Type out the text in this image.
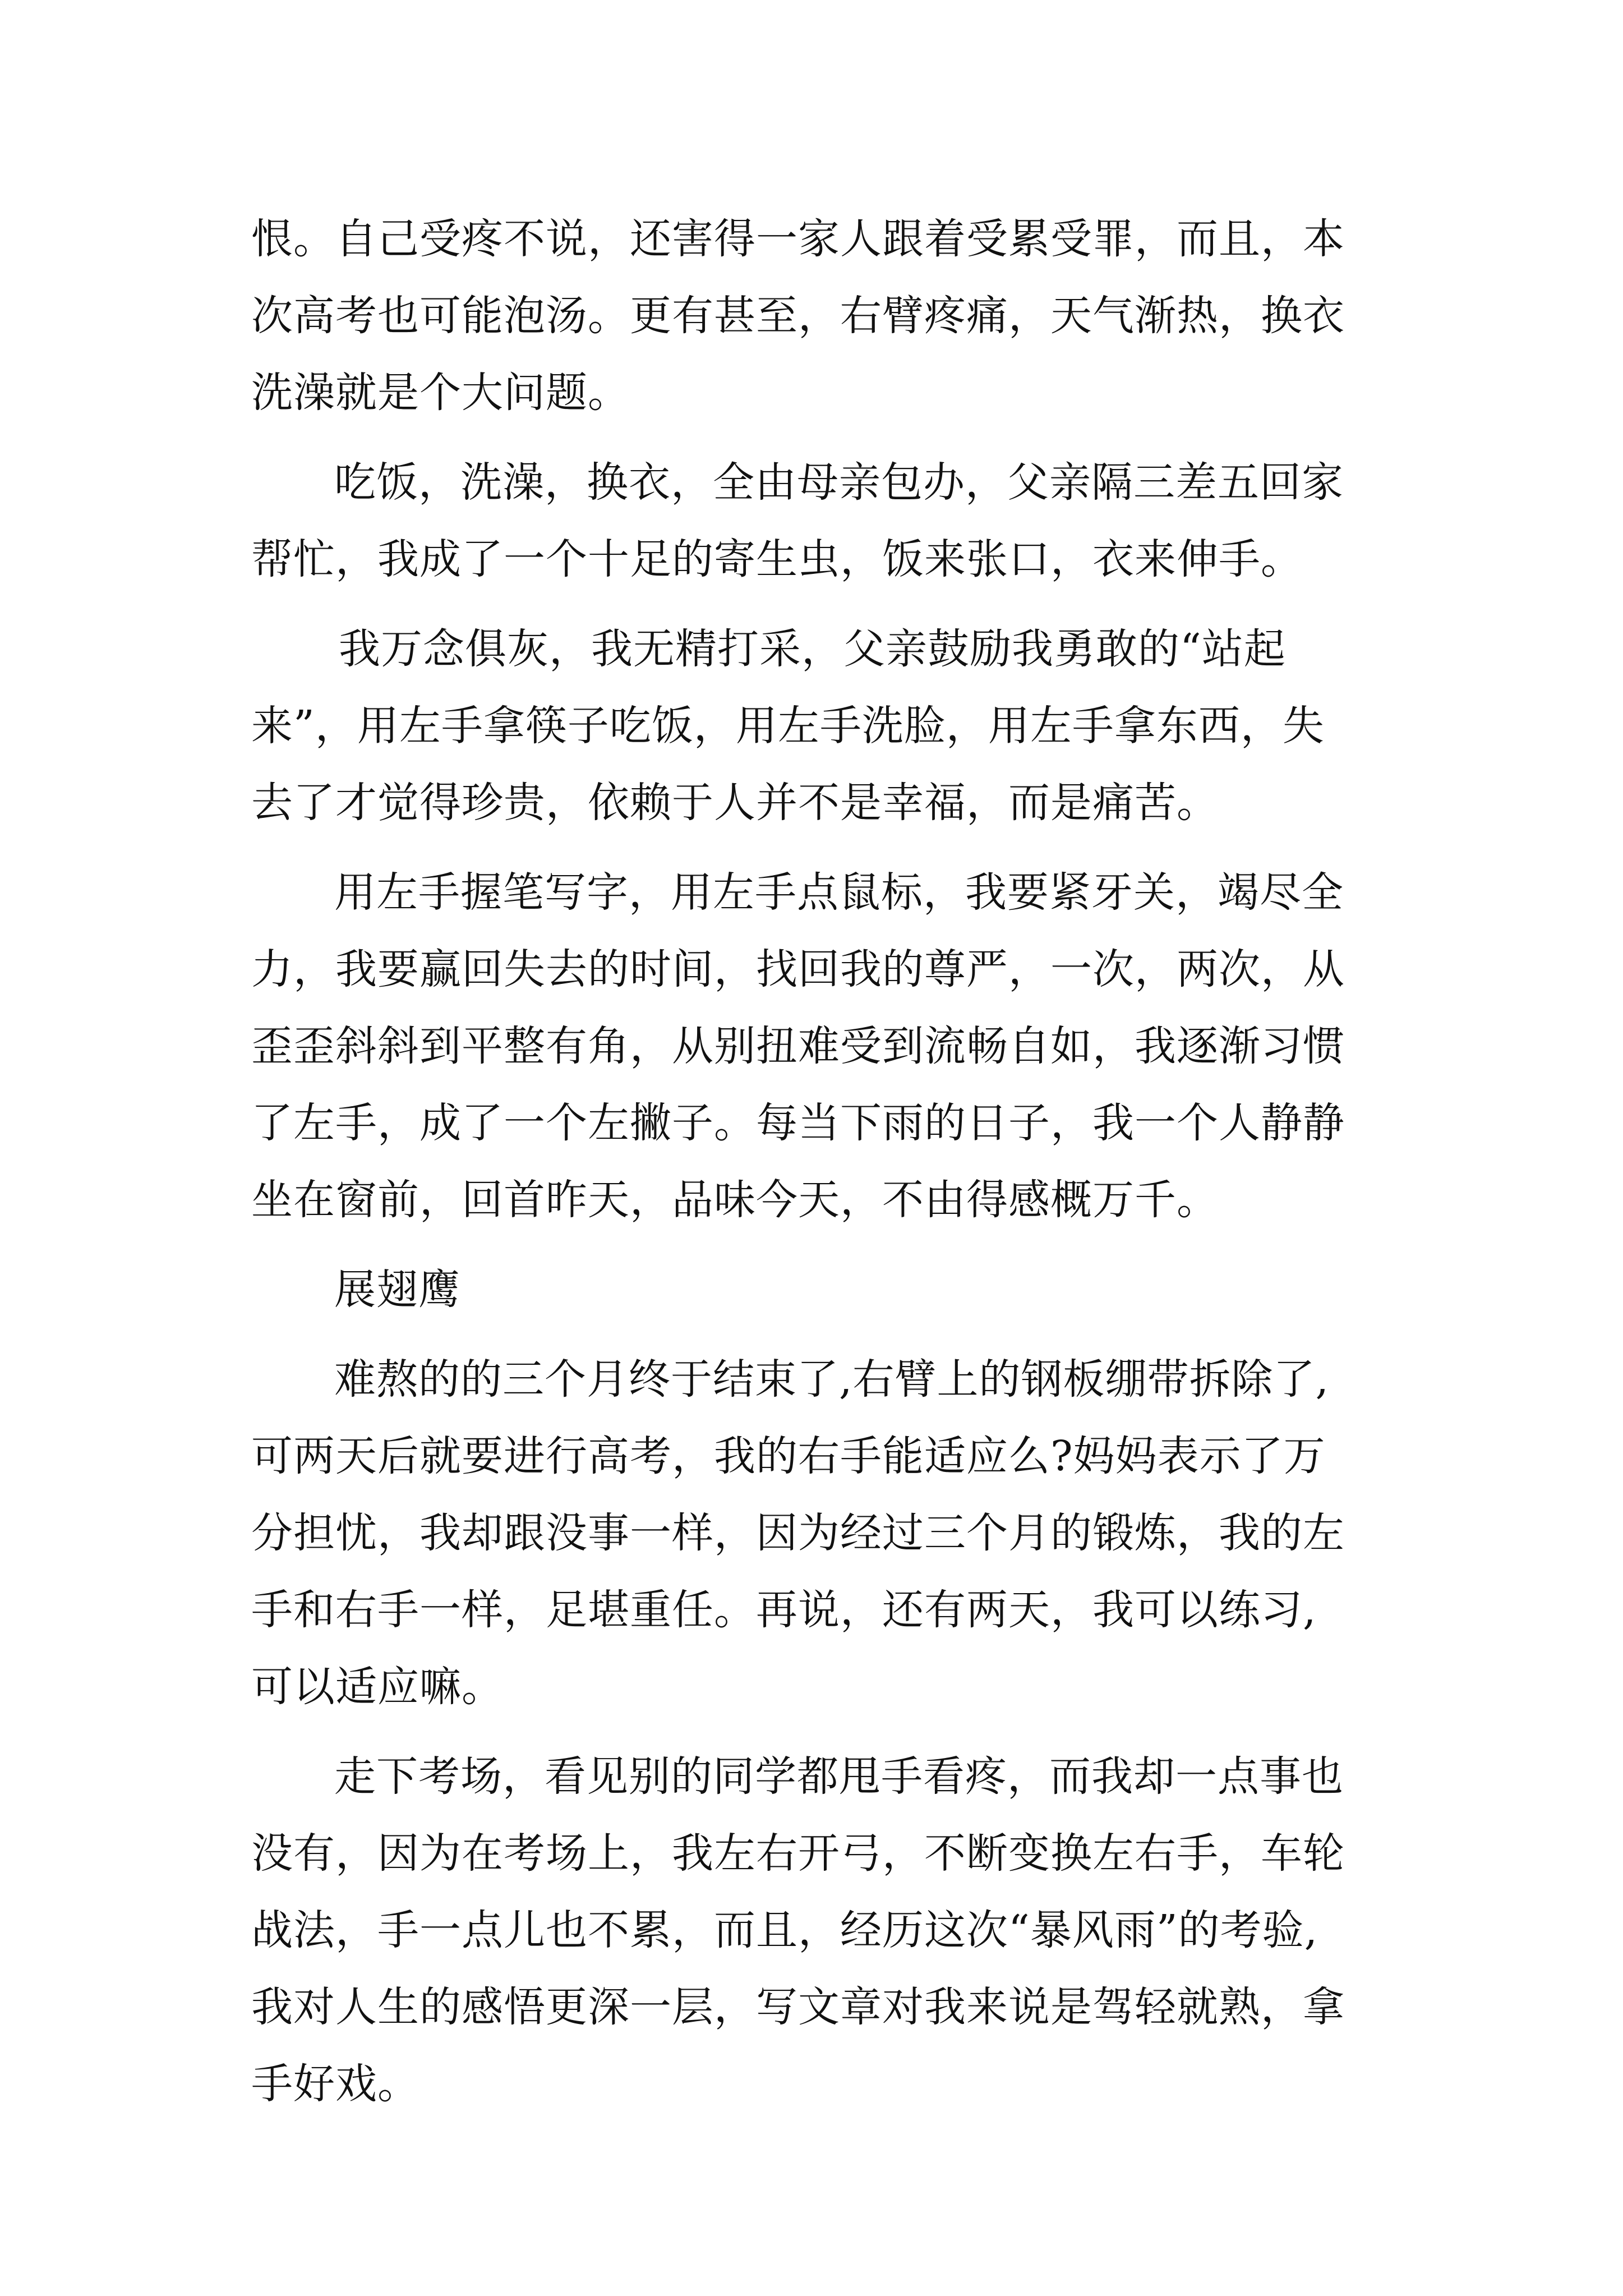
恨。自己受疼不说，还害得一家人跟着受累受罪，而且，本
次高考也可能泡汤。更有甚至，右臂疼痛，天气渐热，换衣
洗澡就是个大问题。
吃饭，洗澡，换衣，全由母亲包办，父亲隔三差五回家
帮忙，我成了一个十足的寄生虫，饭来张口，衣来伸手。
我万念俱灰，我无精打采，父亲鼓励我勇敢的“站起
来”，用左手拿筷子吃饭，用左手洗脸，用左手拿东西，失
去了才觉得珍贵，依赖于人并不是幸福，而是痛苦。
用左手握笔写字，用左手点鼠标，我要紧牙关，竭尽全
力，我要赢回失去的时间，找回我的尊严，一次，两次，从
歪歪斜斜到平整有角，从别扭难受到流畅自如，我逐渐习惯
了左手，成了一个左撇子。每当下雨的日子，我一个人静静
坐在窗前，回首昨天，品味今天，不由得感概万千。
展翅鹰
难熬的的三个月终于结束了,右臂上的钢板绷带拆除了,
可两天后就要进行高考，我的右手能适应么?妈妈表示了万
分担忧，我却跟没事一样，因为经过三个月的锻炼，我的左
手和右手一样，足堪重任。再说，还有两天，我可以练习,
可以适应嘛。
走下考场，看见别的同学都甩手看疼，而我却一点事也
没有，因为在考场上，我左右开弓，不断变换左右手，车轮
战法，手一点儿也不累，而且，经历这次“暴风雨”的考验,
我对人生的感悟更深一层，写文章对我来说是驾轻就熟，拿
手好戏。
